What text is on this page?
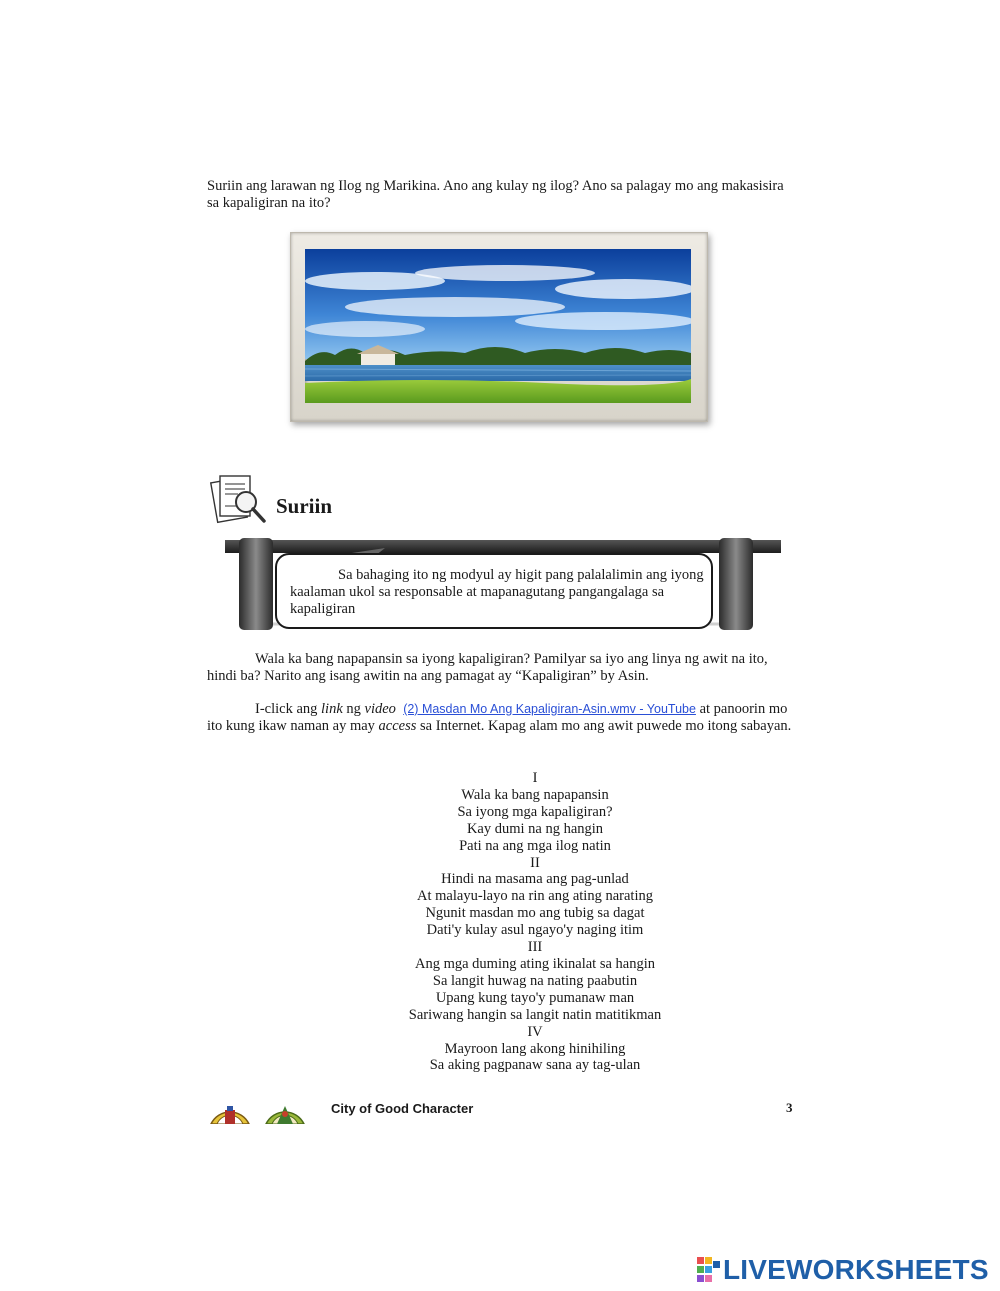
Suriin ang larawan ng Ilog ng Marikina. Ano ang kulay ng ilog? Ano sa palagay mo ang makasisira sa kapaligiran na ito?
Suriin
Sa bahaging ito ng modyul ay higit pang palalalimin ang iyong kaalaman ukol sa responsable at mapanagutang pangangalaga sa kapaligiran
Wala ka bang napapansin sa iyong kapaligiran? Pamilyar sa iyo ang linya ng awit na ito, hindi ba? Narito ang isang awitin na ang pamagat ay “Kapaligiran” by Asin.
I-click ang link ng video (2) Masdan Mo Ang Kapaligiran-Asin.wmv - YouTube at panoorin mo ito kung ikaw naman ay may access sa Internet. Kapag alam mo ang awit puwede mo itong sabayan.
I
Wala ka bang napapansin
Sa iyong mga kapaligiran?
Kay dumi na ng hangin
Pati na ang mga ilog natin
II
Hindi na masama ang pag-unlad
At malayu-layo na rin ang ating narating
Ngunit masdan mo ang tubig sa dagat
Dati'y kulay asul ngayo'y naging itim
III
Ang mga duming ating ikinalat sa hangin
Sa langit huwag na nating paabutin
Upang kung tayo'y pumanaw man
Sariwang hangin sa langit natin matitikman
IV
Mayroon lang akong hinihiling
Sa aking pagpanaw sana ay tag-ulan
City of Good Character	3
LIVEWORKSHEETS
